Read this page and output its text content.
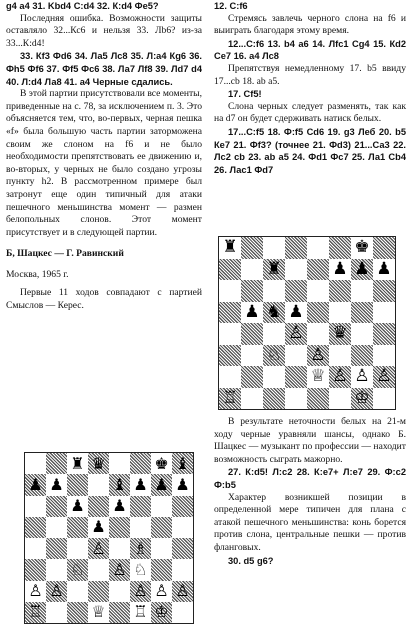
g4 a4 31. Kbd4 С:d4 32. К:d4 Фe5?

Последняя ошибка. Возможности защиты оставляло 32...Кс6 и нельзя 33. Лb6? из-за 33...К:d4!

33. Кf3 Фd6 34. Ла5 Лс8 35. Л:а4 Кg6 36. Фh5 Фf6 37. Фf5 Фс6 38. Ла7 Лf8 39. Лd7 d4 40. Л:d4 Ла8 41. а4 Черные сдались.

В этой партии присутствовали все моменты, приведенные на с. 78, за исключением п. 3. Это объясняется тем, что, во-первых, черная пешка «f» была большую часть партии заторможена своим же слоном на f6 и не было необходимости препятствовать ее движению и, во-вторых, у черных не было создано угрозы пункту h2. В рассмотренном примере был затронут еще один типичный для атаки пешечного меньшинства момент — размен белопольных слонов. Этот момент присутствует и в следующей партии.

Б, Шацкес — Г. Равинский

Москва, 1965 г.

Первые 11 ходов совпадают с партией Смыслов — Керес.

12. С:f6

Стремясь завлечь черного слона на f6 и выиграть благодаря этому время.

12...С:f6 13. b4 а6 14. Лfс1 Сg4 15. Кd2 Се7 16. а4 Лс8

Препятствуя немедленному 17. b5 ввиду 17...cb 18. ab а5.

17. Сf5!

Слона черных следует разменять, так как на d7 он будет сдерживать натиск белых.

17...С:f5 18. Ф:f5 Сd6 19. g3 Леб 20. b5 Ке7 21. Фf3? (точнее 21. Фd3) 21...Са3 22. Лс2 cb 23. ab а5 24. Фd1 Фс7 25. Ла1 Сb4 26. Лас1 Фd7

В результате неточности белых на 21-м ходу черные уравняли шансы, однако Б. Шацкес — музыкант по профессии — находит возможность сыграть мажорно.

27. К:d5! Л:с2 28. К:е7+ Л:е7 29. Ф:с2 Ф:b5

Характер возникшей позиции в определенной мере типичен для плана с атакой пешечного меньшинства: конь борется против слона, центральные пешки — против фланговых.

30. d5 g6?

♜	♚
♜	♟ ♟ ♟
♟ ♞ ♟
♙ ♛
♘ ♙
♕ ♙ ♙ ♙
♖	♔
♜ ♛	♚ ♝
♟ ♟	♝ ♟ ♟ ♟
♟ ♟
♟
♙ ♗
♘ ♙ ♘
♙ ♙	♙ ♙ ♙
♖	♕ ♖ ♔
